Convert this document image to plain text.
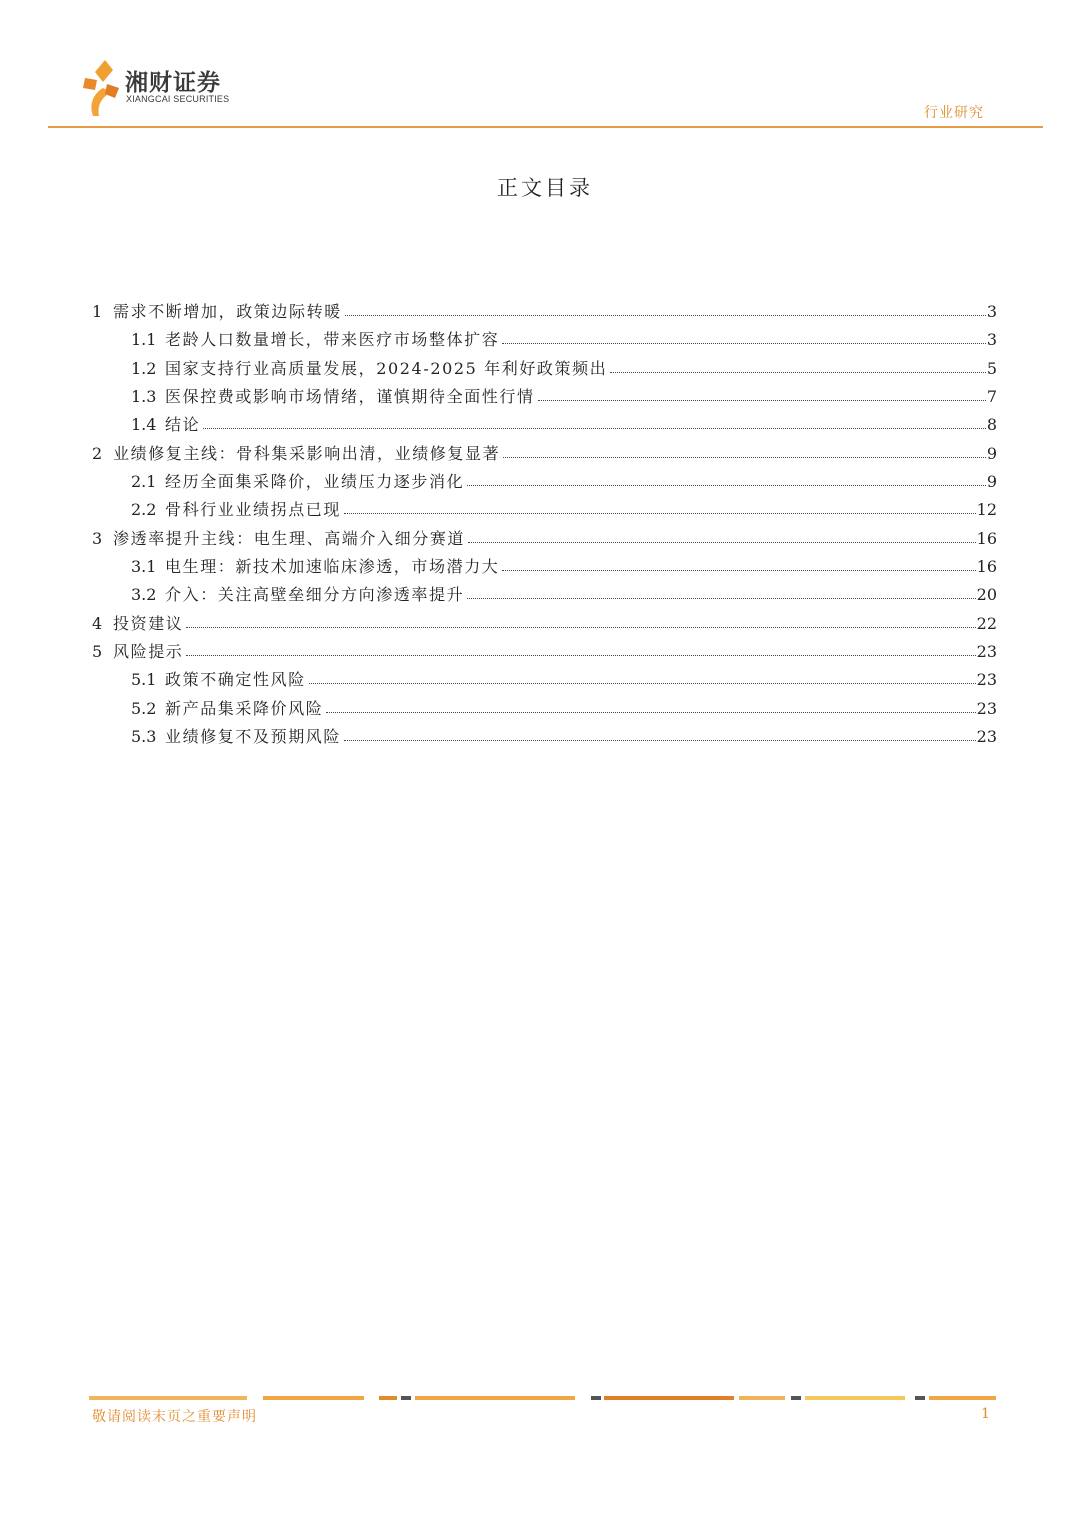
湘财证券
XIANGCAI SECURITIES
行业研究
正文目录
1 需求不断增加，政策边际转暖	3
1.1 老龄人口数量增长，带来医疗市场整体扩容	3
1.2 国家支持行业高质量发展，2024-2025 年利好政策频出	5
1.3 医保控费或影响市场情绪，谨慎期待全面性行情	7
1.4 结论	8
2 业绩修复主线：骨科集采影响出清，业绩修复显著	9
2.1 经历全面集采降价，业绩压力逐步消化	9
2.2 骨科行业业绩拐点已现	12
3 渗透率提升主线：电生理、高端介入细分赛道	16
3.1 电生理：新技术加速临床渗透，市场潜力大	16
3.2 介入：关注高壁垒细分方向渗透率提升	20
4 投资建议	22
5 风险提示	23
5.1 政策不确定性风险	23
5.2 新产品集采降价风险	23
5.3 业绩修复不及预期风险	23
敬请阅读末页之重要声明	1
